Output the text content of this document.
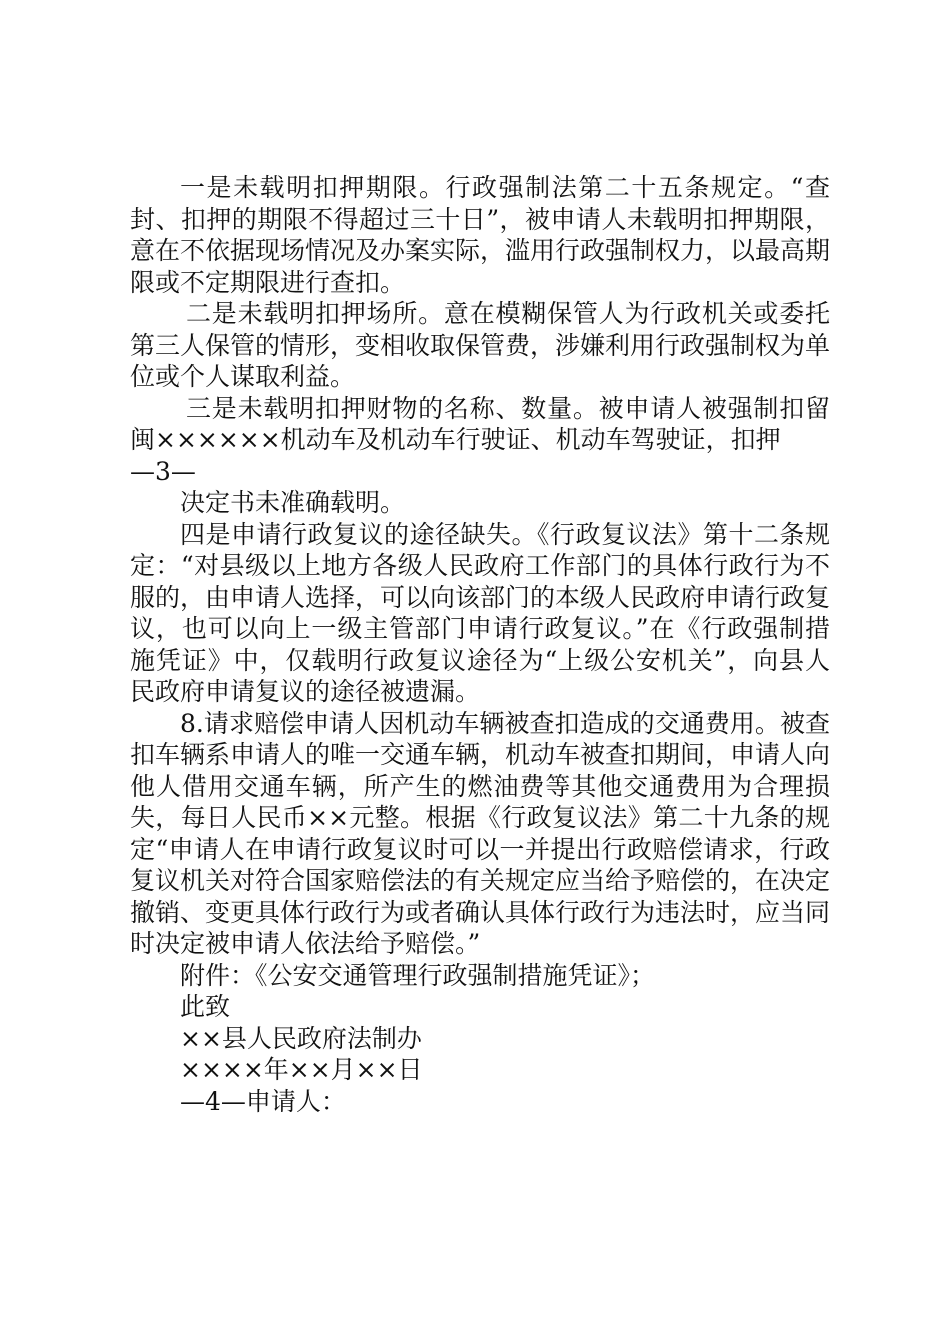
一是未载明扣押期限。行政强制法第二十五条规定。“查封、扣押的期限不得超过三十日”，被申请人未载明扣押期限，意在不依据现场情况及办案实际，滥用行政强制权力，以最高期限或不定期限进行查扣。

二是未载明扣押场所。意在模糊保管人为行政机关或委托第三人保管的情形，变相收取保管费，涉嫌利用行政强制权为单位或个人谋取利益。

三是未载明扣押财物的名称、数量。被申请人被强制扣留闽××××××机动车及机动车行驶证、机动车驾驶证，扣押

—3—

决定书未准确载明。

四是申请行政复议的途径缺失。《行政复议法》第十二条规定：“对县级以上地方各级人民政府工作部门的具体行政行为不服的，由申请人选择，可以向该部门的本级人民政府申请行政复议，也可以向上一级主管部门申请行政复议。”在《行政强制措施凭证》中，仅载明行政复议途径为“上级公安机关”，向县人民政府申请复议的途径被遗漏。

8.请求赔偿申请人因机动车辆被查扣造成的交通费用。被查扣车辆系申请人的唯一交通车辆，机动车被查扣期间，申请人向他人借用交通车辆，所产生的燃油费等其他交通费用为合理损失，每日人民币××元整。根据《行政复议法》第二十九条的规定“申请人在申请行政复议时可以一并提出行政赔偿请求，行政复议机关对符合国家赔偿法的有关规定应当给予赔偿的，在决定撤销、变更具体行政行为或者确认具体行政行为违法时，应当同时决定被申请人依法给予赔偿。”

附件：《公安交通管理行政强制措施凭证》；

此致

××县人民政府法制办

××××年××月××日

—4—申请人：
